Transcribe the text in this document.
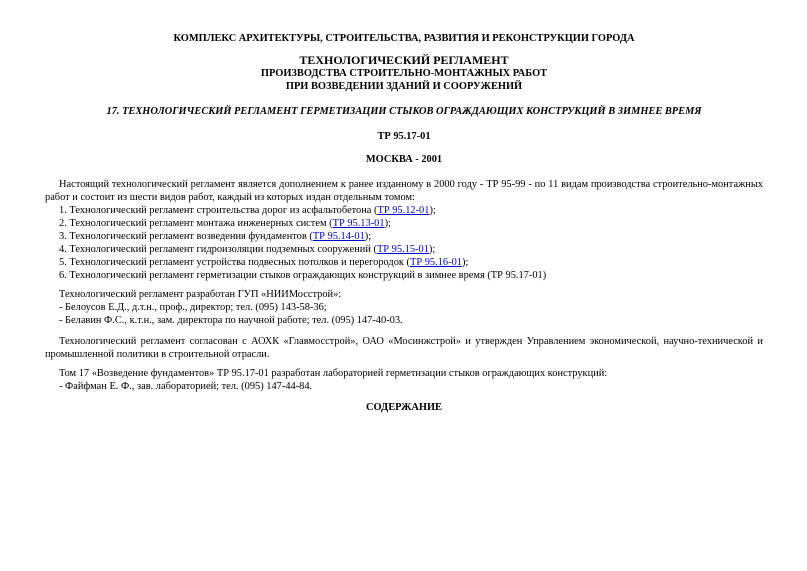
КОМПЛЕКС АРХИТЕКТУРЫ, СТРОИТЕЛЬСТВА, РАЗВИТИЯ И РЕКОНСТРУКЦИИ ГОРОДА
ТЕХНОЛОГИЧЕСКИЙ РЕГЛАМЕНТ
ПРОИЗВОДСТВА СТРОИТЕЛЬНО-МОНТАЖНЫХ РАБОТ
ПРИ ВОЗВЕДЕНИИ ЗДАНИЙ И СООРУЖЕНИЙ
17. ТЕХНОЛОГИЧЕСКИЙ РЕГЛАМЕНТ ГЕРМЕТИЗАЦИИ СТЫКОВ ОГРАЖДАЮЩИХ КОНСТРУКЦИЙ В ЗИМНЕЕ ВРЕМЯ
ТР 95.17-01
МОСКВА - 2001
Настоящий технологический регламент является дополнением к ранее изданному в 2000 году - ТР 95-99 - по 11 видам производства строительно-монтажных работ и состоит из шести видов работ, каждый из которых издан отдельным томом:
1. Технологический регламент строительства дорог из асфальтобетона (ТР 95.12-01);
2. Технологический регламент монтажа инженерных систем (ТР 95.13-01);
3. Технологический регламент возведения фундаментов (ТР 95.14-01);
4. Технологический регламент гидроизоляции подземных сооружений (ТР 95.15-01);
5. Технологический регламент устройства подвесных потолков и перегородок (ТР 95.16-01);
6. Технологический регламент герметизации стыков ограждающих конструкций в зимнее время (ТР 95.17-01)
Технологический регламент разработан ГУП «НИИМосстрой»:
- Белоусов Е.Д., д.т.н., проф., директор; тел. (095) 143-58-36;
- Белавин Ф.С., к.т.н., зам. директора по научной работе; тел. (095) 147-40-03.
Технологический регламент согласован с АОХК «Главмосстрой», ОАО «Мосинжстрой» и утвержден Управлением экономической, научно-технической и промышленной политики в строительной отрасли.
Том 17 «Возведение фундаментов» ТР 95.17-01 разработан лабораторией герметизации стыков ограждающих конструкций:
- Файфман Е. Ф., зав. лабораторией; тел. (095) 147-44-84.
СОДЕРЖАНИЕ
